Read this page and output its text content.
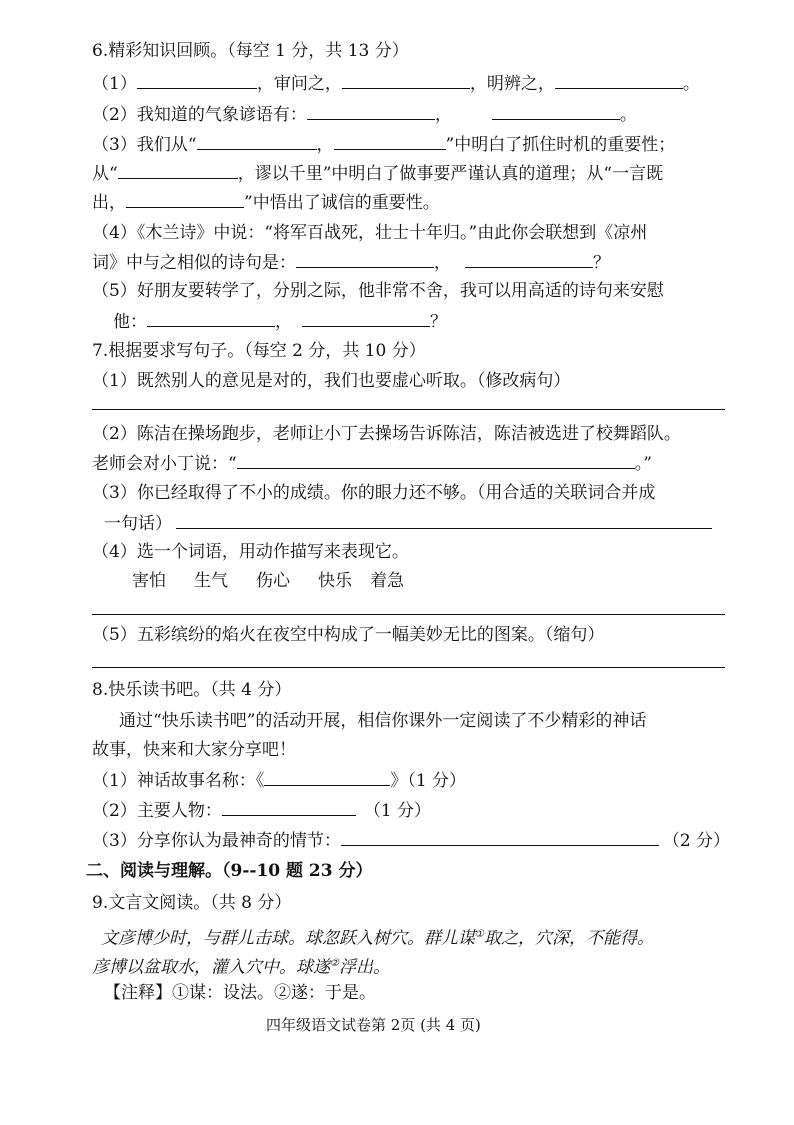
6.精彩知识回顾。（每空 1 分，共 13 分）
（1）	，审问之，	，明辨之，	。
（2）我知道的气象谚语有：	，	。
（3）我们从“	，	”中明白了抓住时机的重要性；
从“	，谬以千里”中明白了做事要严谨认真的道理；从“一言既
出，	”中悟出了诚信的重要性。
（4）《木兰诗》中说：“将军百战死，壮士十年归。”由此你会联想到《凉州
词》中与之相似的诗句是：	，	？
（5）好朋友要转学了，分别之际，他非常不舍，我可以用高适的诗句来安慰
他：	，	？
7.根据要求写句子。（每空 2 分，共 10 分）
（1）既然别人的意见是对的，我们也要虚心听取。（修改病句）
（2）陈洁在操场跑步，老师让小丁去操场告诉陈洁，陈洁被选进了校舞蹈队。
老师会对小丁说：“	。”
（3）你已经取得了不小的成绩。你的眼力还不够。（用合适的关联词合并成
一句话）
（4）选一个词语，用动作描写来表现它。
害怕 生气 伤心 快乐 着急
（5）五彩缤纷的焰火在夜空中构成了一幅美妙无比的图案。（缩句）
8.快乐读书吧。（共 4 分）
通过“快乐读书吧”的活动开展，相信你课外一定阅读了不少精彩的神话
故事，快来和大家分享吧！
（1）神话故事名称：《	》（1 分）
（2）主要人物：	（1 分）
（3）分享你认为最神奇的情节：	（2 分）
二、阅读与理解。（9--10 题 23 分）
9.文言文阅读。（共 8 分）
文彦博少时，与群儿击球。球忽跃入树穴。群儿谋①取之，穴深，不能得。
彦博以盆取水，灌入穴中。球遂②浮出。
【注释】①谋：设法。②遂：于是。
四年级语文试卷第 2页 (共 4 页)
